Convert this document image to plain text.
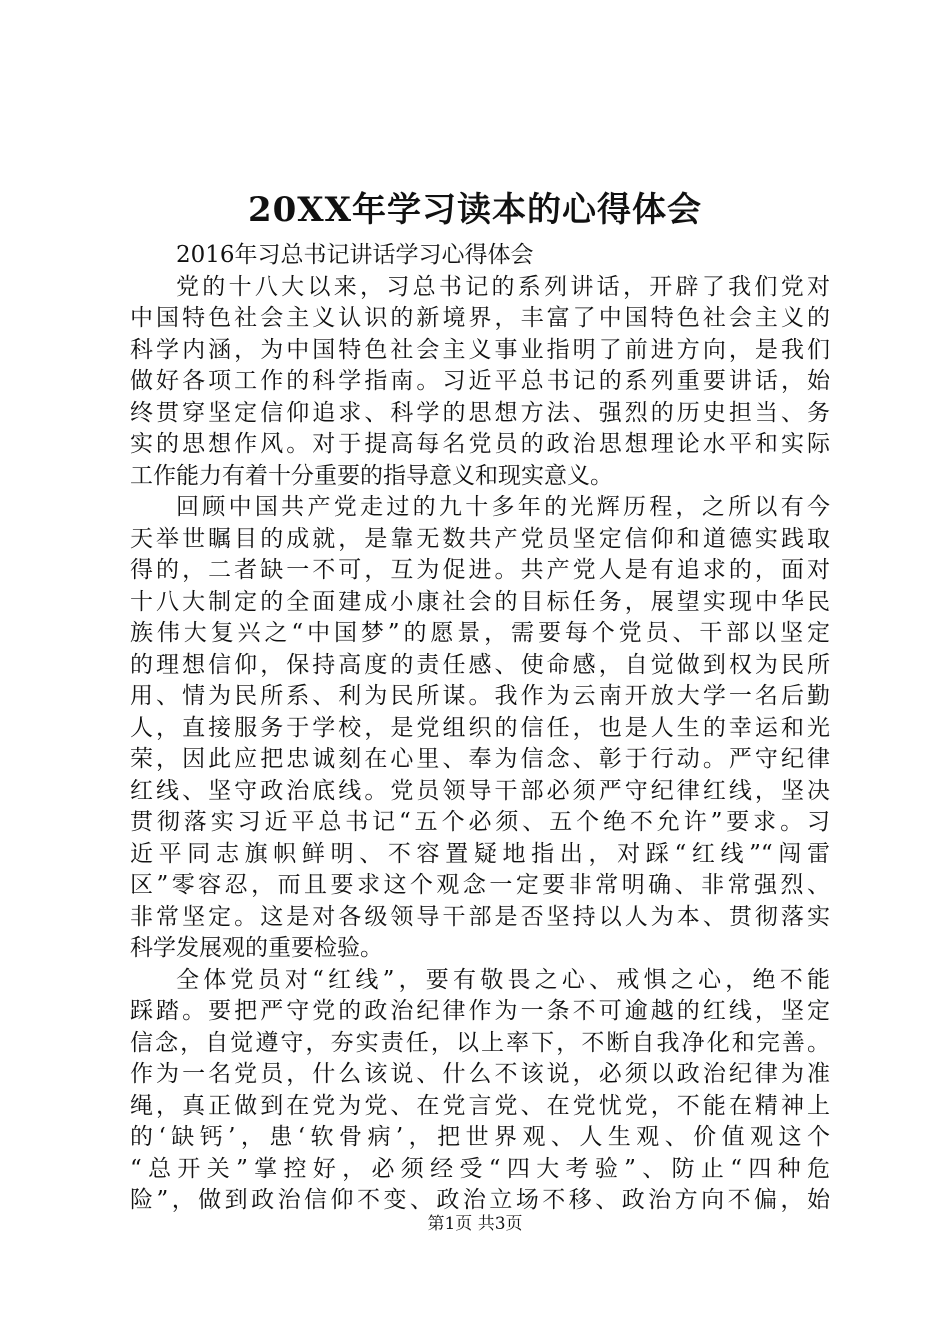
20XX年学习读本的心得体会
2016年习总书记讲话学习心得体会
党的十八大以来，习总书记的系列讲话，开辟了我们党对
中国特色社会主义认识的新境界，丰富了中国特色社会主义的
科学内涵，为中国特色社会主义事业指明了前进方向，是我们
做好各项工作的科学指南。习近平总书记的系列重要讲话，始
终贯穿坚定信仰追求、科学的思想方法、强烈的历史担当、务
实的思想作风。对于提高每名党员的政治思想理论水平和实际
工作能力有着十分重要的指导意义和现实意义。
回顾中国共产党走过的九十多年的光辉历程，之所以有今
天举世瞩目的成就，是靠无数共产党员坚定信仰和道德实践取
得的，二者缺一不可，互为促进。共产党人是有追求的，面对
十八大制定的全面建成小康社会的目标任务，展望实现中华民
族伟大复兴之“中国梦”的愿景，需要每个党员、干部以坚定
的理想信仰，保持高度的责任感、使命感，自觉做到权为民所
用、情为民所系、利为民所谋。我作为云南开放大学一名后勤
人，直接服务于学校，是党组织的信任，也是人生的幸运和光
荣，因此应把忠诚刻在心里、奉为信念、彰于行动。严守纪律
红线、坚守政治底线。党员领导干部必须严守纪律红线，坚决
贯彻落实习近平总书记“五个必须、五个绝不允许”要求。习
近平同志旗帜鲜明、不容置疑地指出，对踩“红线”“闯雷
区”零容忍，而且要求这个观念一定要非常明确、非常强烈、
非常坚定。这是对各级领导干部是否坚持以人为本、贯彻落实
科学发展观的重要检验。
全体党员对“红线”，要有敬畏之心、戒惧之心，绝不能
踩踏。要把严守党的政治纪律作为一条不可逾越的红线，坚定
信念，自觉遵守，夯实责任，以上率下，不断自我净化和完善。
作为一名党员，什么该说、什么不该说，必须以政治纪律为准
绳，真正做到在党为党、在党言党、在党忧党，不能在精神上
的‘缺钙’，患‘软骨病’，把世界观、人生观、价值观这个
“总开关”掌控好，必须经受“四大考验”、防止“四种危
险”，做到政治信仰不变、政治立场不移、政治方向不偏，始
第1页 共3页
